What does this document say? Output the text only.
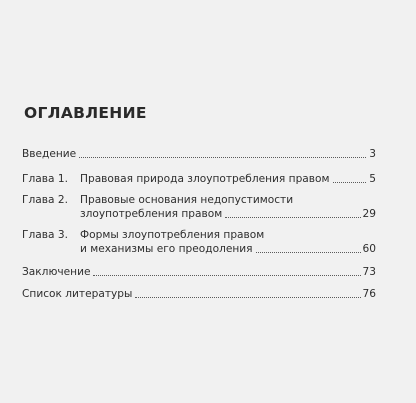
ОГЛАВЛЕНИЕ
Введение	3
Глава 1.	Правовая природа злоупотребления правом	5
Глава 2.	Правовые основания недопустимости
злоупотребления правом	29
Глава 3.	Формы злоупотребления правом
и механизмы его преодоления	60
Заключение	73
Список литературы	76
